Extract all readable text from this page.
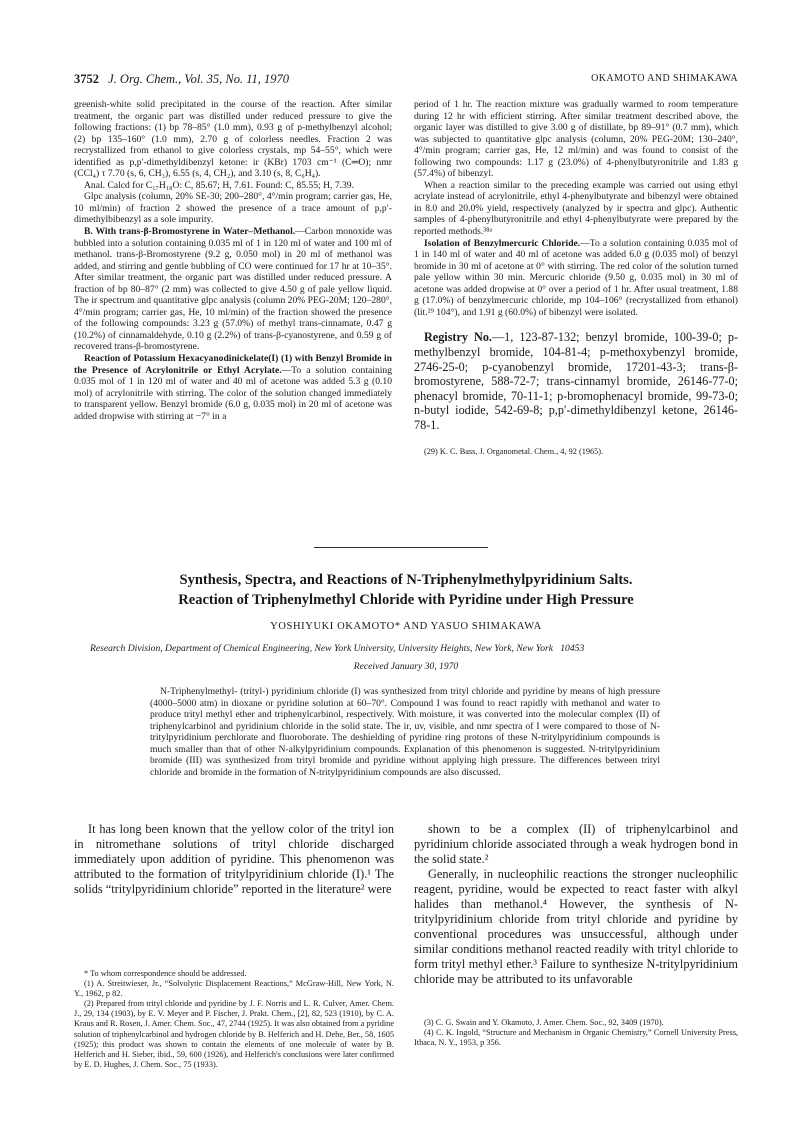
3752 J. Org. Chem., Vol. 35, No. 11, 1970	OKAMOTO AND SHIMAKAWA

greenish-white solid precipitated in the course of the reaction. After similar treatment, the organic part was distilled under reduced pressure to give the following fractions: (1) bp 78–85° (1.0 mm), 0.93 g of p-methylbenzyl alcohol; (2) bp 135–160° (1.0 mm), 2.70 g of colorless needles. Fraction 2 was recrystallized from ethanol to give colorless crystals, mp 54–55°, which were identified as p,p′-dimethyldibenzyl ketone: ir (KBr) 1703 cm⁻¹ (C═O); nmr (CCl₄) τ 7.70 (s, 6, CH₃), 6.55 (s, 4, CH₂), and 3.10 (s, 8, C₆H₄).

Anal. Calcd for C₁₇H₁₈O: C, 85.67; H, 7.61. Found: C, 85.55; H, 7.39.

Glpc analysis (column, 20% SE-30; 200–280°, 4°/min program; carrier gas, He, 10 ml/min) of fraction 2 showed the presence of a trace amount of p,p′-dimethylbibenzyl as a sole impurity.

B. With trans-β-Bromostyrene in Water–Methanol.—Carbon monoxide was bubbled into a solution containing 0.035 ml of 1 in 120 ml of water and 100 ml of methanol. trans-β-Bromostyrene (9.2 g, 0.050 mol) in 20 ml of methanol was added, and stirring and gentle bubbling of CO were continued for 17 hr at 10–35°. After similar treatment, the organic part was distilled under reduced pressure. A fraction of bp 80–87° (2 mm) was collected to give 4.50 g of pale yellow liquid. The ir spectrum and quantitative glpc analysis (column 20% PEG-20M; 120–280°, 4°/min program; carrier gas, He, 10 ml/min) of the fraction showed the presence of the following compounds: 3.23 g (57.0%) of methyl trans-cinnamate, 0.47 g (10.2%) of cinnamaldehyde, 0.10 g (2.2%) of trans-β-cyanostyrene, and 0.59 g of recovered trans-β-bromostyrene.

Reaction of Potassium Hexacyanodinickelate(I) (1) with Benzyl Bromide in the Presence of Acrylonitrile or Ethyl Acrylate.—To a solution containing 0.035 mol of 1 in 120 ml of water and 40 ml of acetone was added 5.3 g (0.10 mol) of acrylonitrile with stirring. The color of the solution changed immediately to transparent yellow. Benzyl bromide (6.0 g, 0.035 mol) in 20 ml of acetone was added dropwise with stirring at −7° in a

period of 1 hr. The reaction mixture was gradually warmed to room temperature during 12 hr with efficient stirring. After similar treatment described above, the organic layer was distilled to give 3.00 g of distillate, bp 89–91° (0.7 mm), which was subjected to quantitative glpc analysis (column, 20% PEG-20M; 130–240°, 4°/min program; carrier gas, He, 12 ml/min) and was found to consist of the following two compounds: 1.17 g (23.0%) of 4-phenylbutyronitrile and 1.83 g (57.4%) of bibenzyl.

When a reaction similar to the preceding example was carried out using ethyl acrylate instead of acrylonitrile, ethyl 4-phenylbutyrate and bibenzyl were obtained in 8.0 and 20.0% yield, respectively (analyzed by ir spectra and glpc). Authentic samples of 4-phenylbutyronitrile and ethyl 4-phenylbutyrate were prepared by the reported methods.³⁸ᵃ

Isolation of Benzylmercuric Chloride.—To a solution containing 0.035 mol of 1 in 140 ml of water and 40 ml of acetone was added 6.0 g (0.035 mol) of benzyl bromide in 30 ml of acetone at 0° with stirring. The red color of the solution turned pale yellow within 30 min. Mercuric chloride (9.50 g, 0.035 mol) in 30 ml of acetone was added dropwise at 0° over a period of 1 hr. After usual treatment, 1.88 g (17.0%) of benzylmercuric chloride, mp 104–106° (recrystallized from ethanol) (lit.²⁹ 104°), and 1.91 g (60.0%) of bibenzyl were isolated.

Registry No.—1, 123-87-132; benzyl bromide, 100-39-0; p-methylbenzyl bromide, 104-81-4; p-methoxybenzyl bromide, 2746-25-0; p-cyanobenzyl bromide, 17201-43-3; trans-β-bromostyrene, 588-72-7; trans-cinnamyl bromide, 26146-77-0; phenacyl bromide, 70-11-1; p-bromophenacyl bromide, 99-73-0; n-butyl iodide, 542-69-8; p,p′-dimethyldibenzyl ketone, 26146-78-1.

(29) K. C. Bass, J. Organometal. Chem., 4, 92 (1965).

Synthesis, Spectra, and Reactions of N-Triphenylmethylpyridinium Salts.
Reaction of Triphenylmethyl Chloride with Pyridine under High Pressure
YOSHIYUKI OKAMOTO* AND YASUO SHIMAKAWA
Research Division, Department of Chemical Engineering, New York University, University Heights, New York, New York 10453
Received January 30, 1970

N-Triphenylmethyl- (trityl-) pyridinium chloride (I) was synthesized from trityl chloride and pyridine by means of high pressure (4000–5000 atm) in dioxane or pyridine solution at 60–70°. Compound I was found to react rapidly with methanol and water to produce trityl methyl ether and triphenylcarbinol, respectively. With moisture, it was converted into the molecular complex (II) of triphenylcarbinol and pyridinium chloride in the solid state. The ir, uv, visible, and nmr spectra of I were compared to those of N-tritylpyridinium perchlorate and fluoroborate. The deshielding of pyridine ring protons of these N-tritylpyridinium compounds is much smaller than that of other N-alkylpyridinium compounds. Explanation of this phenomenon is suggested. N-tritylpyridinium bromide (III) was synthesized from trityl bromide and pyridine without applying high pressure. The differences between trityl chloride and bromide in the formation of N-tritylpyridinium compounds are also discussed.

It has long been known that the yellow color of the trityl ion in nitromethane solutions of trityl chloride discharged immediately upon addition of pyridine. This phenomenon was attributed to the formation of tritylpyridinium chloride (I).¹ The solids “tritylpyridinium chloride” reported in the literature² were

shown to be a complex (II) of triphenylcarbinol and pyridinium chloride associated through a weak hydrogen bond in the solid state.²

Generally, in nucleophilic reactions the stronger nucleophilic reagent, pyridine, would be expected to react faster with alkyl halides than methanol.⁴ However, the synthesis of N-tritylpyridinium chloride from trityl chloride and pyridine by conventional procedures was unsuccessful, although under similar conditions methanol reacted readily with trityl chloride to form trityl methyl ether.³ Failure to synthesize N-tritylpyridinium chloride may be attributed to its unfavorable

* To whom correspondence should be addressed.

(1) A. Streitwieser, Jr., “Solvolytic Displacement Reactions,” McGraw-Hill, New York, N. Y., 1962, p 82.

(2) Prepared from trityl chloride and pyridine by J. F. Norris and L. R. Culver, Amer. Chem. J., 29, 134 (1903), by E. V. Meyer and P. Fischer, J. Prakt. Chem., [2], 82, 523 (1910), by C. A. Kraus and R. Rosen, J. Amer. Chem. Soc., 47, 2744 (1925). It was also obtained from a pyridine solution of triphenylcarbinol and hydrogen chloride by B. Helferich and H. Dehe, Ber., 58, 1605 (1925); this product was shown to contain the elements of one molecule of water by B. Helferich and H. Sieber, ibid., 59, 600 (1926), and Helferich's conclusions were later confirmed by E. D. Hughes, J. Chem. Soc., 75 (1933).

(3) C. G. Swain and Y. Okamoto, J. Amer. Chem. Soc., 92, 3409 (1970).

(4) C. K. Ingold, “Structure and Mechanism in Organic Chemistry,” Cornell University Press, Ithaca, N. Y., 1953, p 356.
